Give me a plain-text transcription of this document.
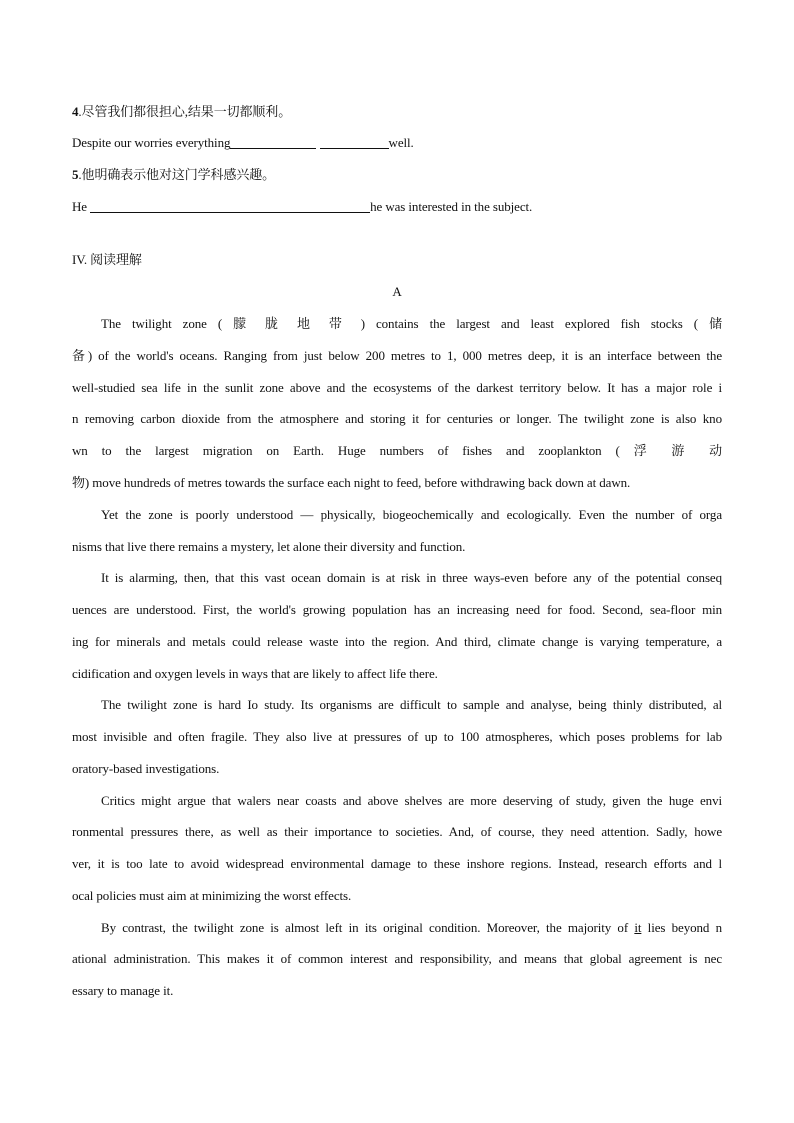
4.尽管我们都很担心,结果一切都顺利。
Despite our worries everything	well.
5.他明确表示他对这门学科感兴趣。
He	he was interested in the subject.
IV. 阅读理解
A
The twilight zone ( 朦 胧 地 带 ) contains the largest and least explored fish stocks ( 储
备) of the world's oceans. Ranging from just below 200 metres to 1, 000 metres deep, it is an interface between the
well-studied sea life in the sunlit zone above and the ecosystems of the darkest territory below. It has a major role i
n removing carbon dioxide from the atmosphere and storing it for centuries or longer. The twilight zone is also kno
wn to the largest migration on Earth. Huge numbers of fishes and zooplankton ( 浮 游 动
物) move hundreds of metres towards the surface each night to feed, before withdrawing back down at dawn.
Yet the zone is poorly understood — physically, biogeochemically and ecologically. Even the number of orga
nisms that live there remains a mystery, let alone their diversity and function.
It is alarming, then, that this vast ocean domain is at risk in three ways-even before any of the potential conseq
uences are understood. First, the world's growing population has an increasing need for food. Second, sea-floor min
ing for minerals and metals could release waste into the region. And third, climate change is varying temperature, a
cidification and oxygen levels in ways that are likely to affect life there.
The twilight zone is hard Io study. Its organisms are difficult to sample and analyse, being thinly distributed, al
most invisible and often fragile. They also live at pressures of up to 100 atmospheres, which poses problems for lab
oratory-based investigations.
Critics might argue that walers near coasts and above shelves are more deserving of study, given the huge envi
ronmental pressures there, as well as their importance to societies. And, of course, they need attention. Sadly, howe
ver, it is too late to avoid widespread environmental damage to these inshore regions. Instead, research efforts and l
ocal policies must aim at minimizing the worst effects.
By contrast, the twilight zone is almost left in its original condition. Moreover, the majority of it lies beyond n
ational administration. This makes it of common interest and responsibility, and means that global agreement is nec
essary to manage it.
